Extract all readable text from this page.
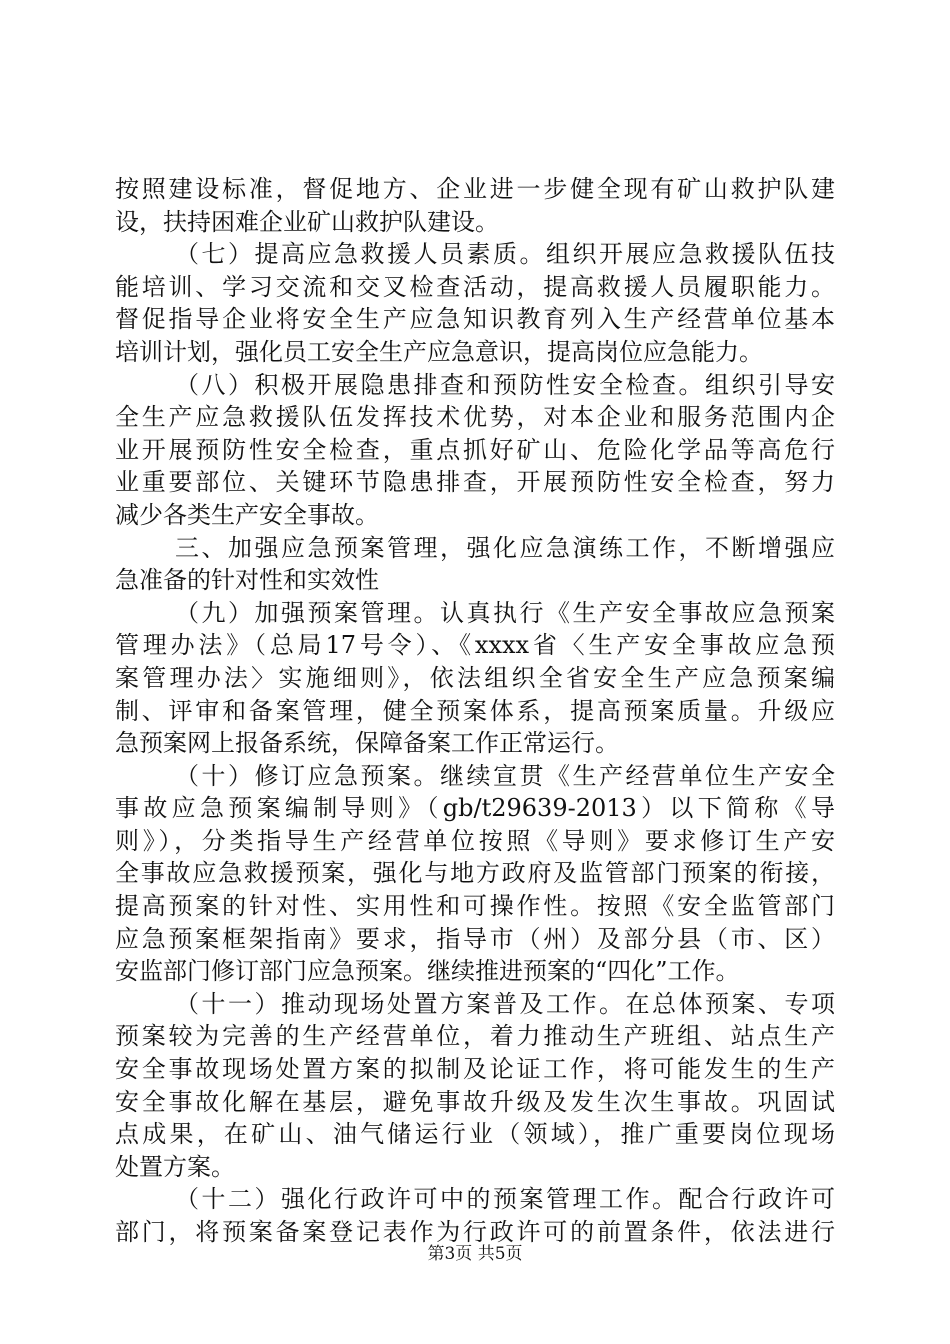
按照建设标准，督促地方、企业进一步健全现有矿山救护队建
设，扶持困难企业矿山救护队建设。
（七）提高应急救援人员素质。组织开展应急救援队伍技
能培训、学习交流和交叉检查活动，提高救援人员履职能力。
督促指导企业将安全生产应急知识教育列入生产经营单位基本
培训计划，强化员工安全生产应急意识，提高岗位应急能力。
（八）积极开展隐患排查和预防性安全检查。组织引导安
全生产应急救援队伍发挥技术优势，对本企业和服务范围内企
业开展预防性安全检查，重点抓好矿山、危险化学品等高危行
业重要部位、关键环节隐患排查，开展预防性安全检查，努力
减少各类生产安全事故。
三、加强应急预案管理，强化应急演练工作，不断增强应
急准备的针对性和实效性
（九）加强预案管理。认真执行《生产安全事故应急预案
管理办法》（总局17号令）、《xxxx省〈生产安全事故应急预
案管理办法〉实施细则》，依法组织全省安全生产应急预案编
制、评审和备案管理，健全预案体系，提高预案质量。升级应
急预案网上报备系统，保障备案工作正常运行。
（十）修订应急预案。继续宣贯《生产经营单位生产安全
事故应急预案编制导则》（gb/t29639-2013）以下简称《导
则》），分类指导生产经营单位按照《导则》要求修订生产安
全事故应急救援预案，强化与地方政府及监管部门预案的衔接，
提高预案的针对性、实用性和可操作性。按照《安全监管部门
应急预案框架指南》要求，指导市（州）及部分县（市、区）
安监部门修订部门应急预案。继续推进预案的“四化”工作。
（十一）推动现场处置方案普及工作。在总体预案、专项
预案较为完善的生产经营单位，着力推动生产班组、站点生产
安全事故现场处置方案的拟制及论证工作，将可能发生的生产
安全事故化解在基层，避免事故升级及发生次生事故。巩固试
点成果，在矿山、油气储运行业（领域），推广重要岗位现场
处置方案。
（十二）强化行政许可中的预案管理工作。配合行政许可
部门，将预案备案登记表作为行政许可的前置条件，依法进行
第3页 共5页
